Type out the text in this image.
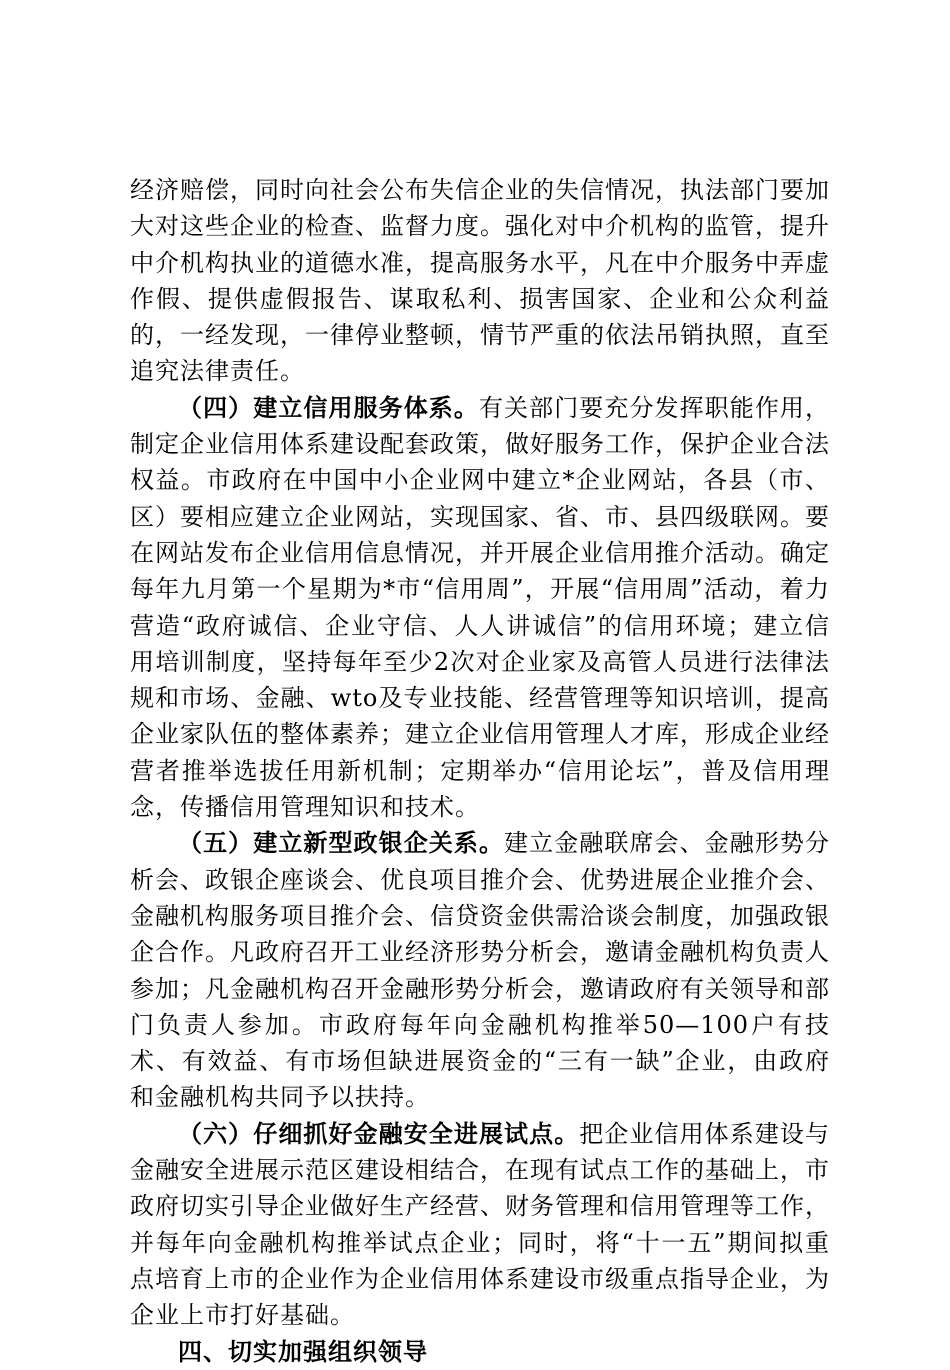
经济赔偿，同时向社会公布失信企业的失信情况，执法部门要加大对这些企业的检查、监督力度。强化对中介机构的监管，提升中介机构执业的道德水准，提高服务水平，凡在中介服务中弄虚作假、提供虚假报告、谋取私利、损害国家、企业和公众利益的，一经发现，一律停业整顿，情节严重的依法吊销执照，直至追究法律责任。

（四）建立信用服务体系。有关部门要充分发挥职能作用，制定企业信用体系建设配套政策，做好服务工作，保护企业合法权益。市政府在中国中小企业网中建立*企业网站，各县（市、区）要相应建立企业网站，实现国家、省、市、县四级联网。要在网站发布企业信用信息情况，并开展企业信用推介活动。确定每年九月第一个星期为*市“信用周”，开展“信用周”活动，着力营造“政府诚信、企业守信、人人讲诚信”的信用环境；建立信用培训制度，坚持每年至少2次对企业家及高管人员进行法律法规和市场、金融、wto及专业技能、经营管理等知识培训，提高企业家队伍的整体素养；建立企业信用管理人才库，形成企业经营者推举选拔任用新机制；定期举办“信用论坛”，普及信用理念，传播信用管理知识和技术。

（五）建立新型政银企关系。建立金融联席会、金融形势分析会、政银企座谈会、优良项目推介会、优势进展企业推介会、金融机构服务项目推介会、信贷资金供需洽谈会制度，加强政银企合作。凡政府召开工业经济形势分析会，邀请金融机构负责人参加；凡金融机构召开金融形势分析会，邀请政府有关领导和部门负责人参加。市政府每年向金融机构推举50—100户有技术、有效益、有市场但缺进展资金的“三有一缺”企业，由政府和金融机构共同予以扶持。

（六）仔细抓好金融安全进展试点。把企业信用体系建设与金融安全进展示范区建设相结合，在现有试点工作的基础上，市政府切实引导企业做好生产经营、财务管理和信用管理等工作，并每年向金融机构推举试点企业；同时，将“十一五”期间拟重点培育上市的企业作为企业信用体系建设市级重点指导企业，为企业上市打好基础。

四、切实加强组织领导
